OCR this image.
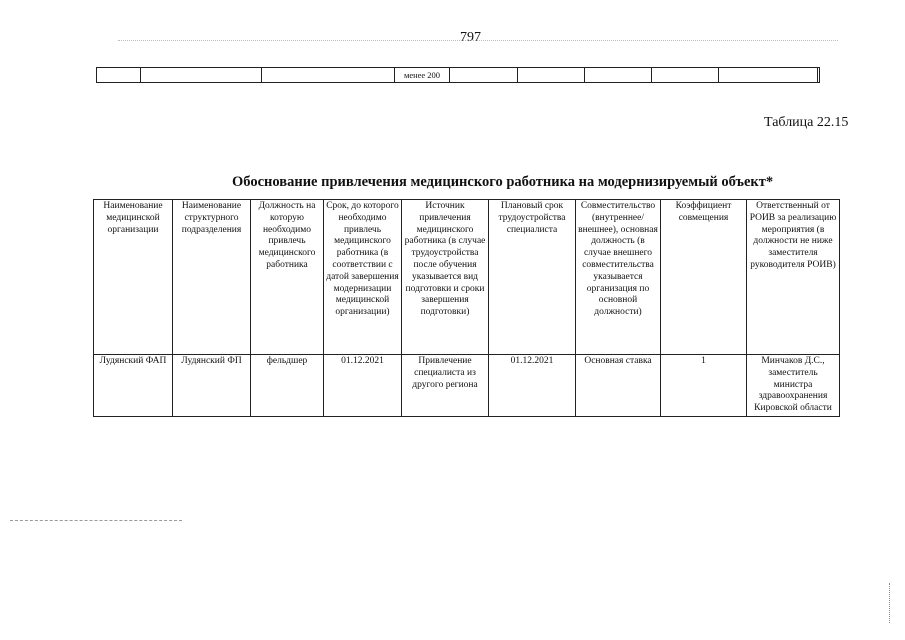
797
			менее 200						
Таблица 22.15
Обоснование привлечения медицинского работника на модернизируемый объект*
Наименование медицинской организации	Наименование структурного подразделения	Должность на которую необходимо привлечь медицинского работника	Срок, до которого необходимо привлечь медицинского работника (в соответствии с датой завершения модернизации медицинской организации)	Источник привлечения медицинского работника (в случае трудоустройства после обучения указывается вид подготовки и сроки завершения подготовки)	Плановый срок трудоустройства специалиста	Совместительство (внутреннее/внешнее), основная должность (в случае внешнего совместительства указывается организация по основной должности)	Коэффициент совмещения	Ответственный от РОИВ за реализацию мероприятия (в должности не ниже заместителя руководителя РОИВ)
Лудянский ФАП	Лудянский ФП	фельдшер	01.12.2021	Привлечение специалиста из другого региона	01.12.2021	Основная ставка	1	Минчаков Д.С., заместитель министра здравоохранения Кировской области
